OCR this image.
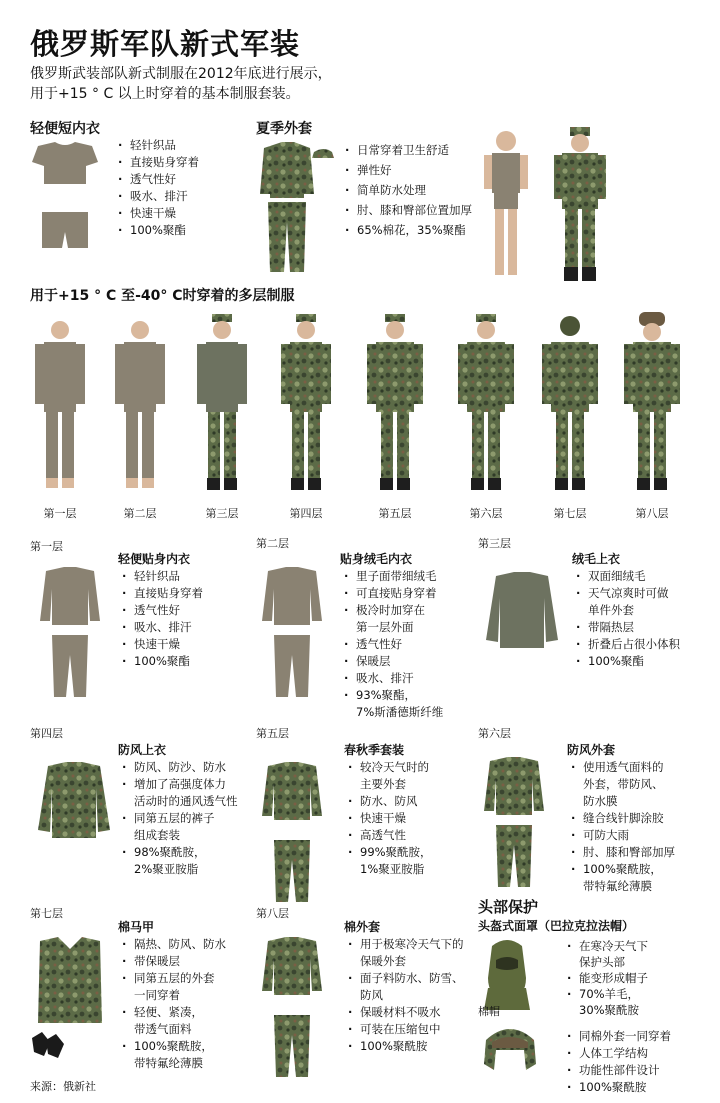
俄罗斯军队新式军装
俄罗斯武装部队新式制服在2012年底进行展示，
用于+15 ° C 以上时穿着的基本制服套装。
轻便短内衣
· 轻针织品
· 直接贴身穿着
· 透气性好
· 吸水、排汗
· 快速干燥
· 100%聚酯
夏季外套
· 日常穿着卫生舒适
· 弹性好
· 简单防水处理
· 肘、膝和臀部位置加厚
· 65%棉花，35%聚酯
用于+15 ° C 至-40° C时穿着的多层制服
第一层	第二层	第三层	第四层	第五层	第六层	第七层	第八层
第一层
轻便贴身内衣
· 轻针织品
· 直接贴身穿着
· 透气性好
· 吸水、排汗
· 快速干燥
· 100%聚酯
第二层
贴身绒毛内衣
· 里子面带细绒毛
· 可直接贴身穿着
· 极冷时加穿在
第一层外面
· 透气性好
· 保暖层
· 吸水、排汗
· 93%聚酯，
7%斯潘德斯纤维
第三层
绒毛上衣
· 双面细绒毛
· 天气凉爽时可做
单件外套
· 带隔热层
· 折叠后占很小体积
· 100%聚酯
第四层
防风上衣
· 防风、防沙、防水
· 增加了高强度体力
活动时的通风透气性
· 同第五层的裤子
组成套装
· 98%聚酰胺，
2%聚亚胺脂
第五层
春秋季套装
· 较冷天气时的
主要外套
· 防水、防风
· 快速干燥
· 高透气性
· 99%聚酰胺，
1%聚亚胺脂
第六层
防风外套
· 使用透气面料的
外套，带防风、
防水膜
· 缝合线针脚涂胶
· 可防大雨
· 肘、膝和臀部加厚
· 100%聚酰胺，
带特氟纶薄膜
第七层
棉马甲
· 隔热、防风、防水
· 带保暖层
· 同第五层的外套
一同穿着
· 轻便、紧凑，
带透气面料
· 100%聚酰胺，
带特氟纶薄膜
第八层
棉外套
· 用于极寒冷天气下的
保暖外套
· 面子料防水、防雪、
防风
· 保暖材料不吸水
· 可装在压缩包中
· 100%聚酰胺
头部保护
头盔式面罩（巴拉克拉法帽）
棉帽
· 在寒冷天气下
保护头部
· 能变形成帽子
· 70%羊毛，
30%聚酰胺
· 同棉外套一同穿着
· 人体工学结构
· 功能性部件设计
· 100%聚酰胺
来源：俄新社
